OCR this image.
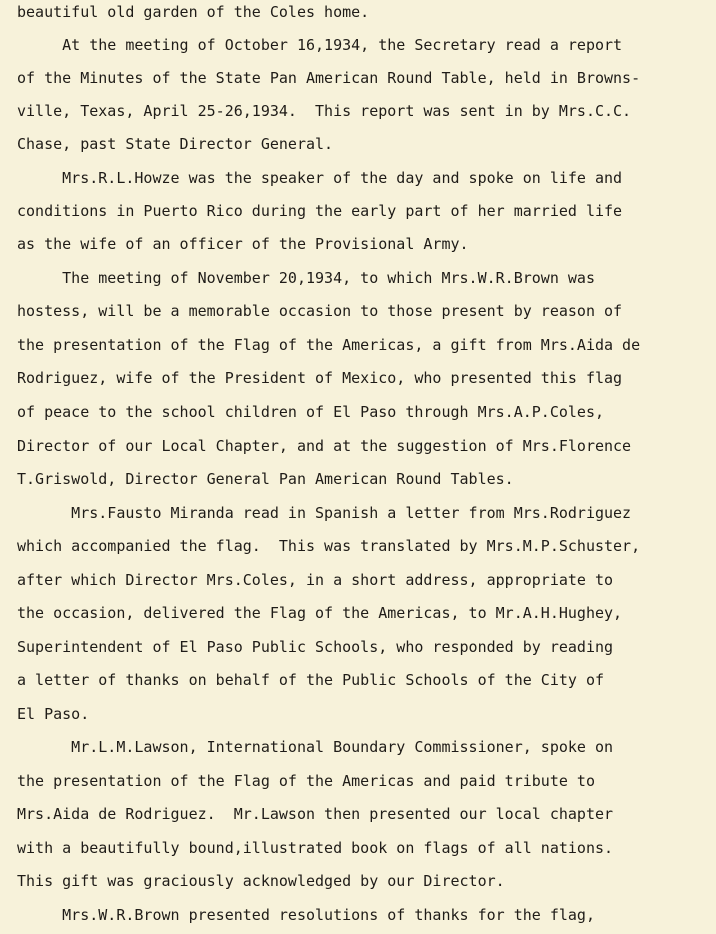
beautiful old garden of the Coles home.
At the meeting of October 16,1934, the Secretary read a report
of the Minutes of the State Pan American Round Table, held in Browns-
ville, Texas, April 25-26,1934.  This report was sent in by Mrs.C.C.
Chase, past State Director General.
Mrs.R.L.Howze was the speaker of the day and spoke on life and
conditions in Puerto Rico during the early part of her married life
as the wife of an officer of the Provisional Army.
The meeting of November 20,1934, to which Mrs.W.R.Brown was
hostess, will be a memorable occasion to those present by reason of
the presentation of the Flag of the Americas, a gift from Mrs.Aida de
Rodriguez, wife of the President of Mexico, who presented this flag
of peace to the school children of El Paso through Mrs.A.P.Coles,
Director of our Local Chapter, and at the suggestion of Mrs.Florence
T.Griswold, Director General Pan American Round Tables.
Mrs.Fausto Miranda read in Spanish a letter from Mrs.Rodriguez
which accompanied the flag.  This was translated by Mrs.M.P.Schuster,
after which Director Mrs.Coles, in a short address, appropriate to
the occasion, delivered the Flag of the Americas, to Mr.A.H.Hughey,
Superintendent of El Paso Public Schools, who responded by reading
a letter of thanks on behalf of the Public Schools of the City of
El Paso.
Mr.L.M.Lawson, International Boundary Commissioner, spoke on
the presentation of the Flag of the Americas and paid tribute to
Mrs.Aida de Rodriguez.  Mr.Lawson then presented our local chapter
with a beautifully bound,illustrated book on flags of all nations.
This gift was graciously acknowledged by our Director.
Mrs.W.R.Brown presented resolutions of thanks for the flag,
